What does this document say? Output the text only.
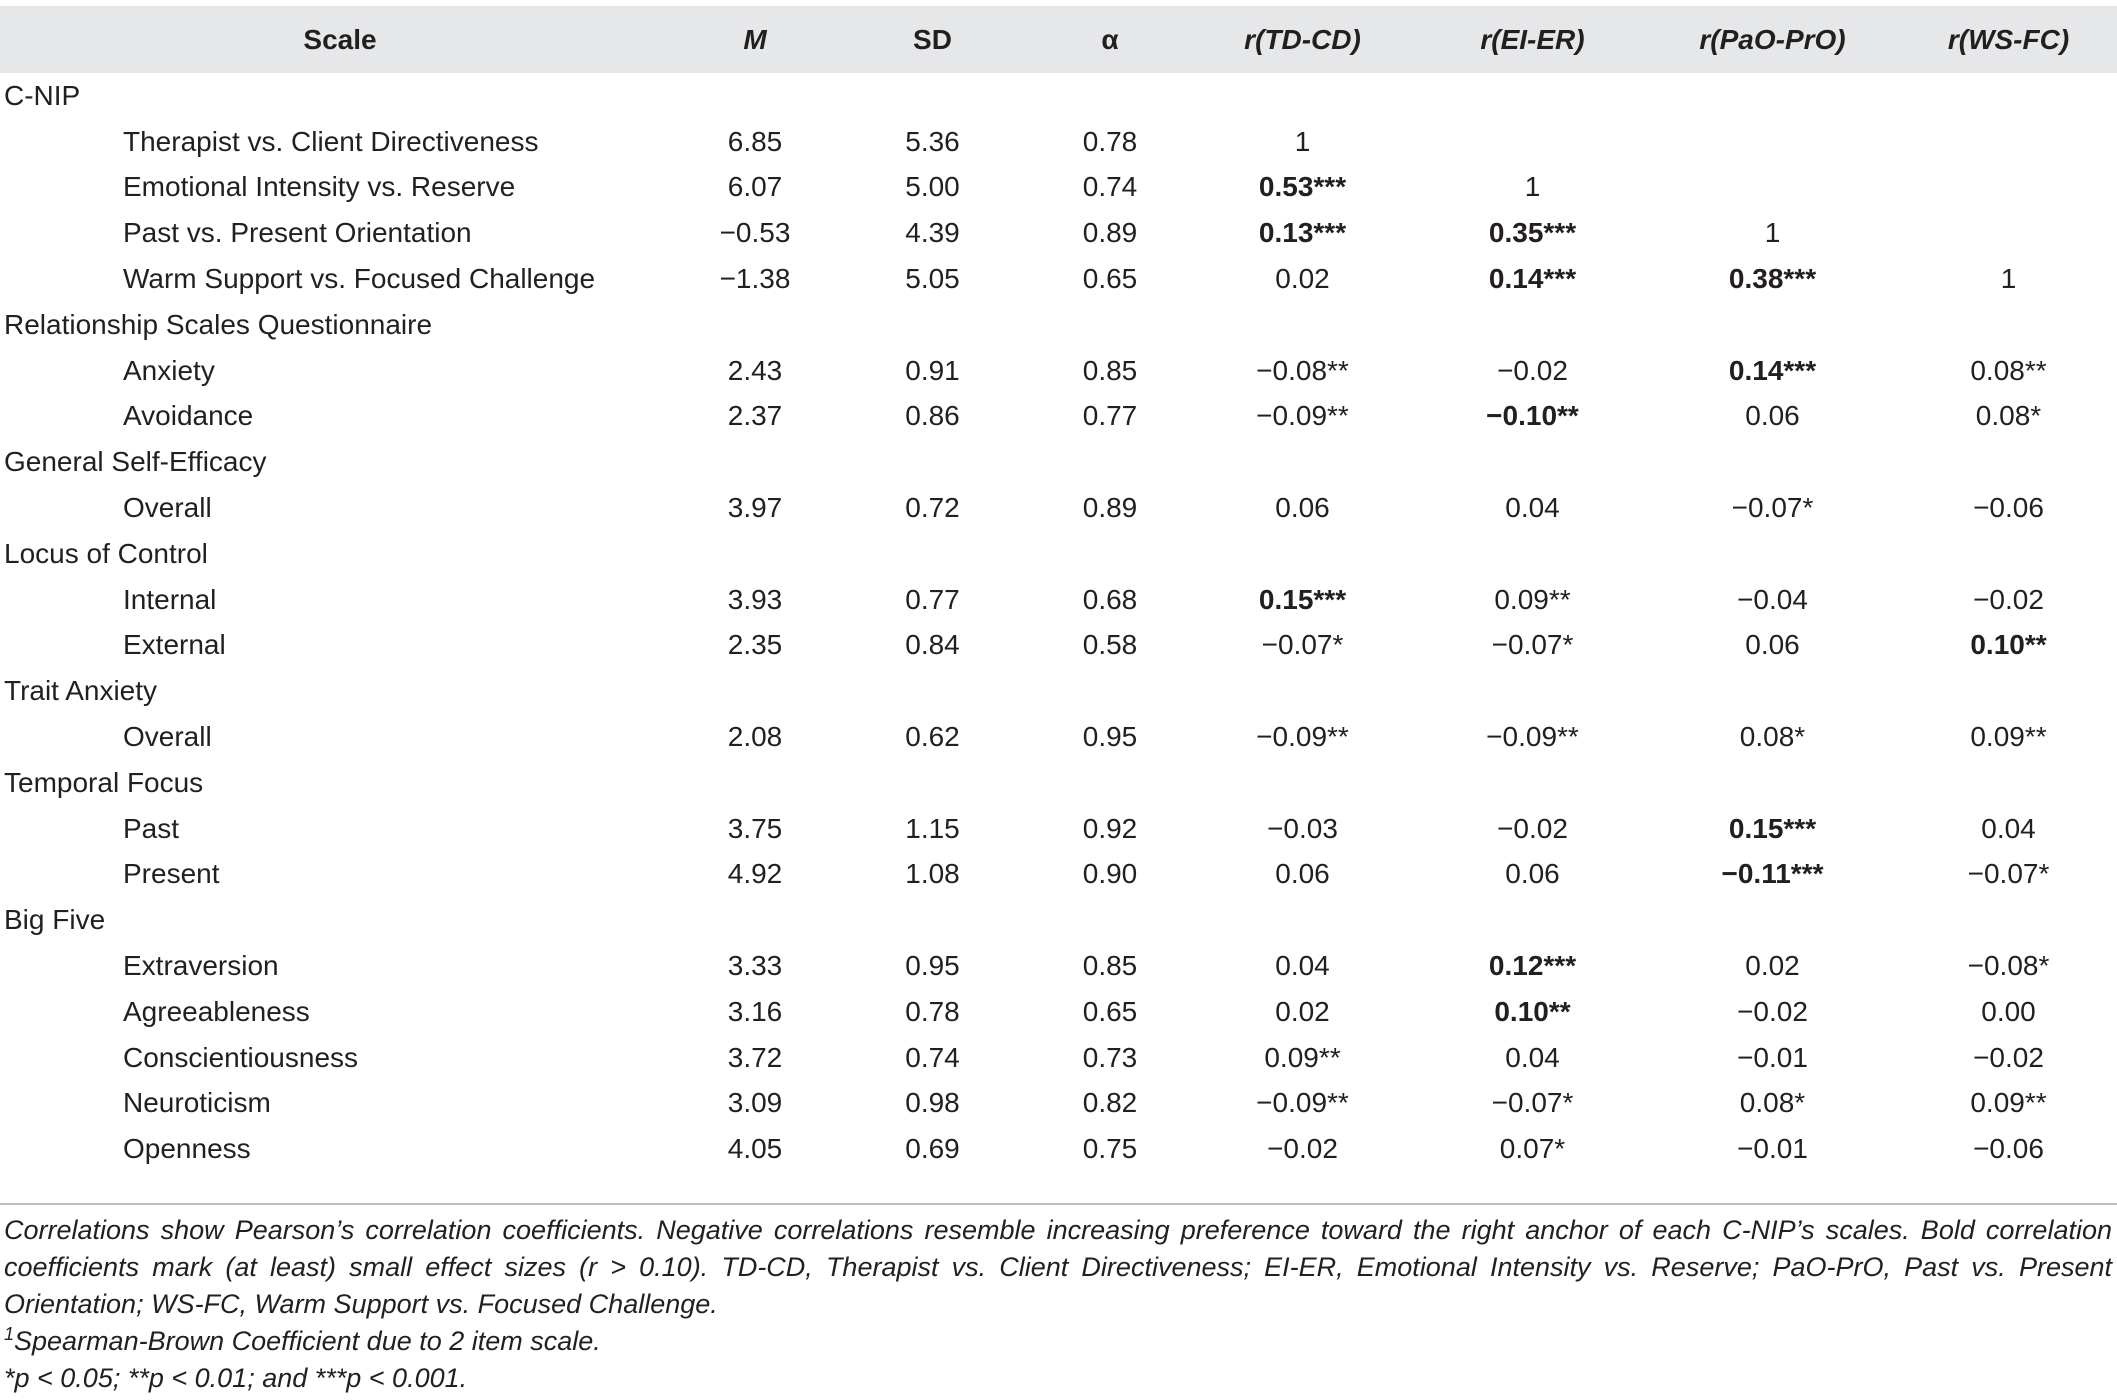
Scale	M	SD	α	r(TD-CD)	r(EI-ER)	r(PaO-PrO)	r(WS-FC)
C-NIP							
Therapist vs. Client Directiveness	6.85	5.36	0.78	1			
Emotional Intensity vs. Reserve	6.07	5.00	0.74	0.53***	1		
Past vs. Present Orientation	−0.53	4.39	0.89	0.13***	0.35***	1	
Warm Support vs. Focused Challenge	−1.38	5.05	0.65	0.02	0.14***	0.38***	1
Relationship Scales Questionnaire							
Anxiety	2.43	0.91	0.85	−0.08**	−0.02	0.14***	0.08**
Avoidance	2.37	0.86	0.77	−0.09**	−0.10**	0.06	0.08*
General Self-Efficacy							
Overall	3.97	0.72	0.89	0.06	0.04	−0.07*	−0.06
Locus of Control							
Internal	3.93	0.77	0.68	0.15***	0.09**	−0.04	−0.02
External	2.35	0.84	0.58	−0.07*	−0.07*	0.06	0.10**
Trait Anxiety							
Overall	2.08	0.62	0.95	−0.09**	−0.09**	0.08*	0.09**
Temporal Focus							
Past	3.75	1.15	0.92	−0.03	−0.02	0.15***	0.04
Present	4.92	1.08	0.90	0.06	0.06	−0.11***	−0.07*
Big Five							
Extraversion	3.33	0.95	0.85	0.04	0.12***	0.02	−0.08*
Agreeableness	3.16	0.78	0.65	0.02	0.10**	−0.02	0.00
Conscientiousness	3.72	0.74	0.73	0.09**	0.04	−0.01	−0.02
Neuroticism	3.09	0.98	0.82	−0.09**	−0.07*	0.08*	0.09**
Openness	4.05	0.69	0.75	−0.02	0.07*	−0.01	−0.06

Correlations show Pearson’s correlation coefficients. Negative correlations resemble increasing preference toward the right anchor of each C-NIP’s scales. Bold correlation coefficients mark (at least) small effect sizes (r > 0.10). TD-CD, Therapist vs. Client Directiveness; EI-ER, Emotional Intensity vs. Reserve; PaO-PrO, Past vs. Present Orientation; WS-FC, Warm Support vs. Focused Challenge.

$^1$Spearman-Brown Coefficient due to 2 item scale.

*p < 0.05; **p < 0.01; and ***p < 0.001.
